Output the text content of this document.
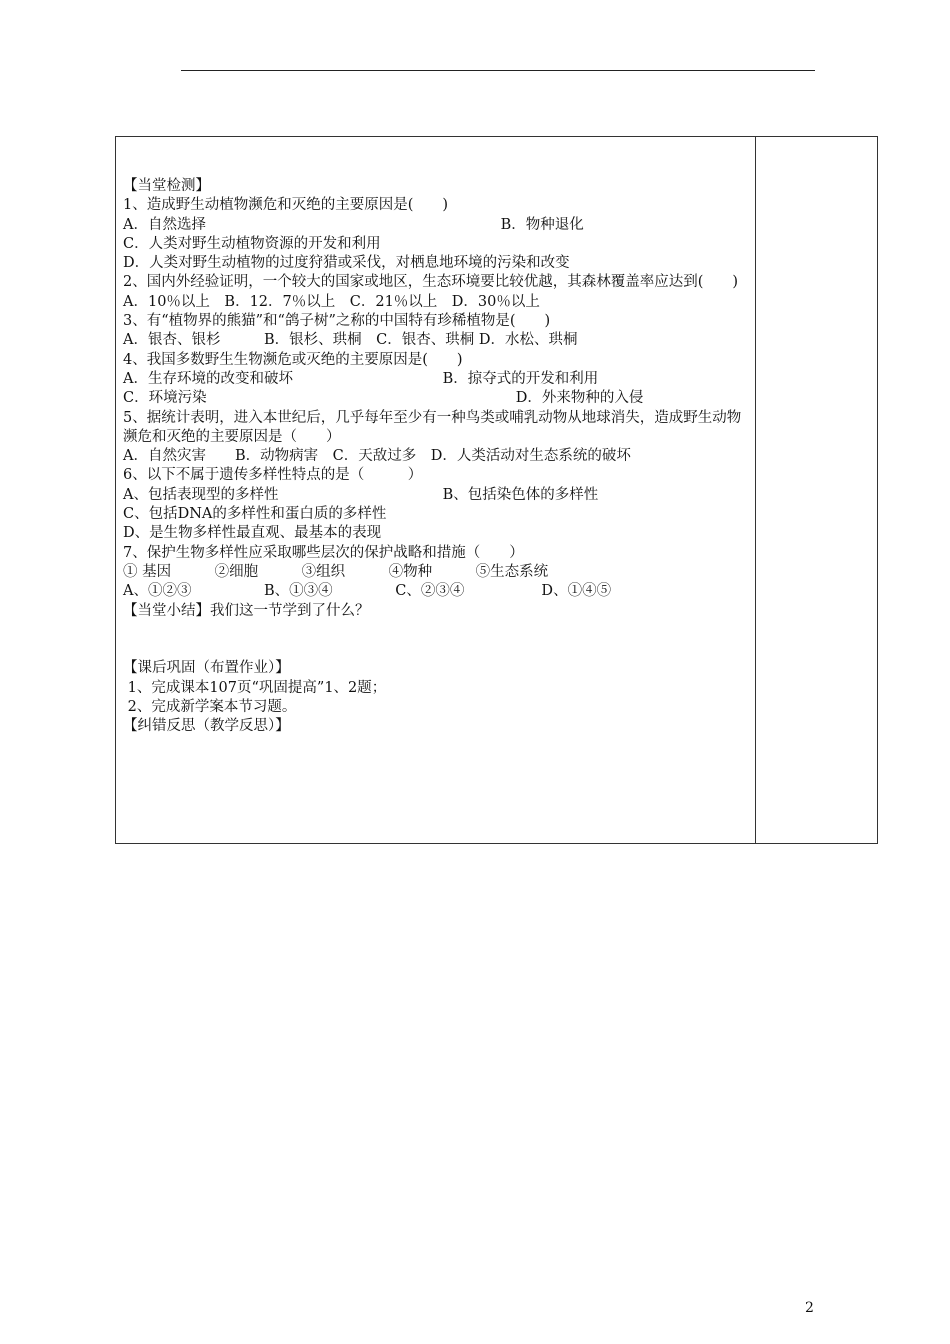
【当堂检测】
1、造成野生动植物濒危和灭绝的主要原因是(　　)
A．自然选择　　　　　　　　　　　　　　　　　　　　 B．物种退化
C．人类对野生动植物资源的开发和利用
D．人类对野生动植物的过度狩猎或采伐，对栖息地环境的污染和改变
2、国内外经验证明，一个较大的国家或地区，生态环境要比较优越，其森林覆盖率应达到(　　)
A．10％以上　B．12．7％以上　C．21％以上　D．30％以上
3、有“植物界的熊猫”和“鸽子树”之称的中国特有珍稀植物是(　　)
A．银杏、银杉　　　B．银杉、珙桐　C．银杏、珙桐 D．水松、珙桐
4、我国多数野生生物濒危或灭绝的主要原因是(　　)
A．生存环境的改变和破坏　　　　　　　　　　 B．掠夺式的开发和利用
C．环境污染　　　　　　　　　　　　　　　　　　　　　 D．外来物种的入侵
5、据统计表明，进入本世纪后，几乎每年至少有一种鸟类或哺乳动物从地球消失，造成野生动物濒危和灭绝的主要原因是（　　）
A．自然灾害　　B．动物病害　C．天敌过多　D．人类活动对生态系统的破坏
6、以下不属于遗传多样性特点的是（　　　）
A、包括表现型的多样性　　　　　　　　　　　 B、包括染色体的多样性
C、包括DNA的多样性和蛋白质的多样性
D、是生物多样性最直观、最基本的表现
7、保护生物多样性应采取哪些层次的保护战略和措施（　　）
① 基因　　　②细胞　　　③组织　　　④物种　　　⑤生态系统
A、①②③　　　　　B、①③④　　　　 C、②③④　　　　　 D、①④⑤
【当堂小结】我们这一节学到了什么？
【课后巩固（布置作业）】
1、完成课本107页“巩固提高”1、2题；
2、完成新学案本节习题。
【纠错反思（教学反思）】
2
